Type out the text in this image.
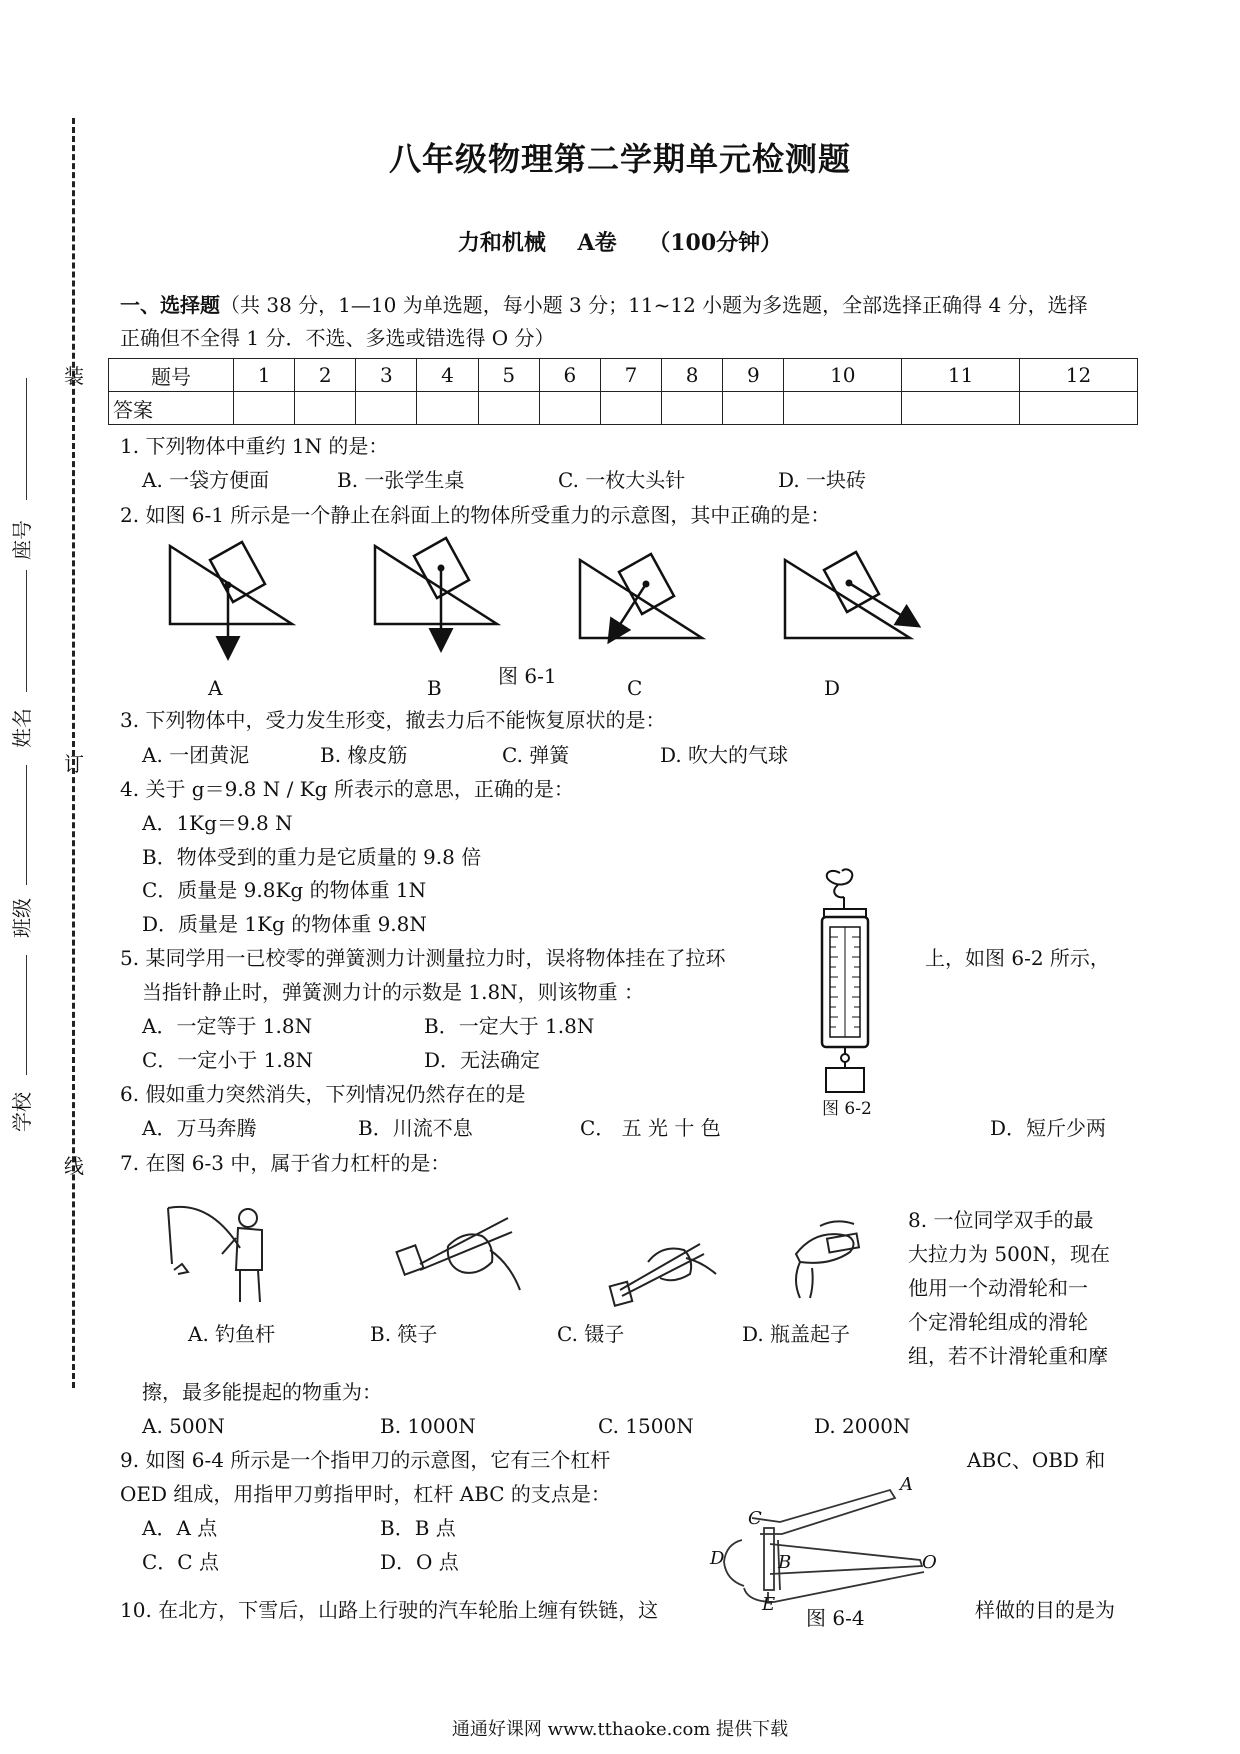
装
订
线
座号
姓名
班级
学校
八年级物理第二学期单元检测题
力和机械 A卷 （100分钟）
一、选择题（共 38 分，1—10 为单选题，每小题 3 分；11~12 小题为多选题，全部选择正确得 4 分，选择
正确但不全得 1 分．不选、多选或错选得 O 分）
题号	1	2	3	4	5	6	7	8	9	10	11	12
答案												
1. 下列物体中重约 1N 的是：
A. 一袋方便面	B. 一张学生桌	C. 一枚大头针	D. 一块砖
2. 如图 6-1 所示是一个静止在斜面上的物体所受重力的示意图，其中正确的是：
A	B	图 6-1	C	D
3. 下列物体中，受力发生形变，撤去力后不能恢复原状的是：
A. 一团黄泥	B. 橡皮筋	C. 弹簧	D. 吹大的气球
4. 关于 g＝9.8 N / Kg 所表示的意思，正确的是：
A．1Kg＝9.8 N
B．物体受到的重力是它质量的 9.8 倍
C．质量是 9.8Kg 的物体重 1N
D．质量是 1Kg 的物体重 9.8N
图 6-2
5. 某同学用一已校零的弹簧测力计测量拉力时，误将物体挂在了拉环	上，如图 6-2 所示，
当指针静止时，弹簧测力计的示数是 1.8N，则该物重 ：
A．一定等于 1.8N	B．一定大于 1.8N
C．一定小于 1.8N	D．无法确定
6. 假如重力突然消失，下列情况仍然存在的是
A．万马奔腾	B．川流不息	C． 五 光 十 色	D．短斤少两
7. 在图 6-3 中，属于省力杠杆的是：
A. 钓鱼杆	B. 筷子	C. 镊子	D. 瓶盖起子
8. 一位同学双手的最
大拉力为 500N，现在
他用一个动滑轮和一
个定滑轮组成的滑轮
组，若不计滑轮重和摩
擦，最多能提起的物重为：
A. 500N	B. 1000N	C. 1500N	D. 2000N
9. 如图 6-4 所示是一个指甲刀的示意图，它有三个杠杆	ABC、OBD 和
OED 组成，用指甲刀剪指甲时，杠杆 ABC 的支点是：
A．A 点	B．B 点
C．C 点	D．O 点
A
C
D	B	O
E
图 6-4
10. 在北方，下雪后，山路上行驶的汽车轮胎上缠有铁链，这	样做的目的是为
通通好课网 www.tthaoke.com 提供下载
